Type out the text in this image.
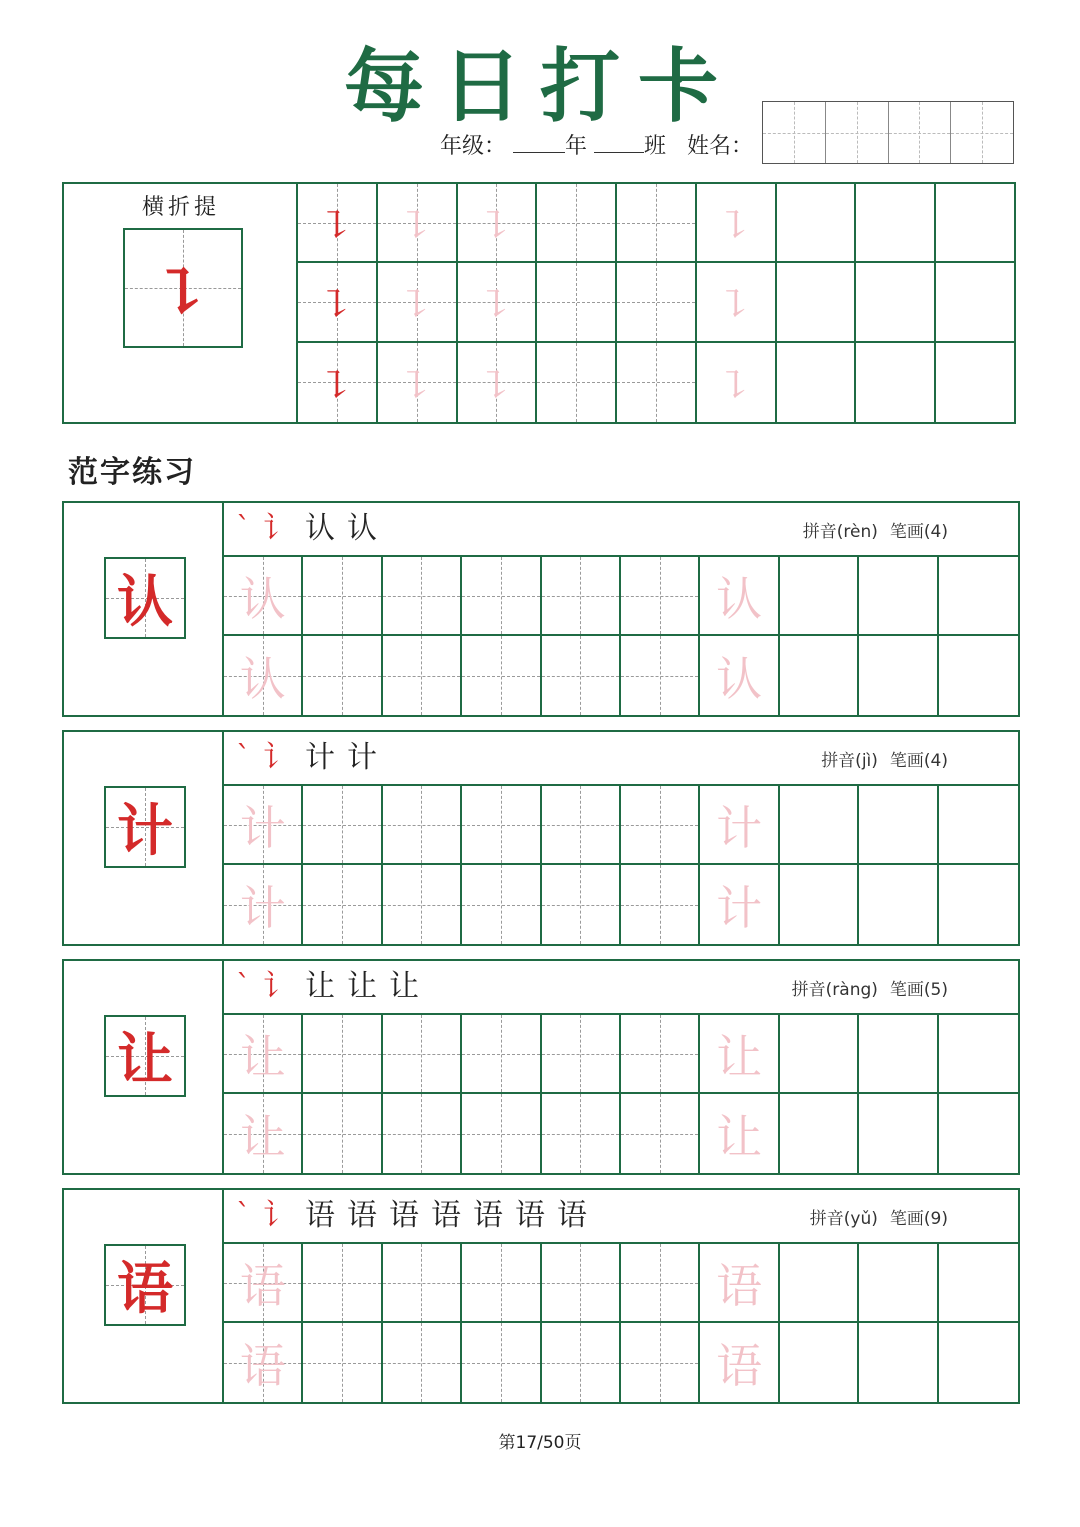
每日打卡
年级：	年	班 姓名：
横折提
㇊
㇊ ㇊ ㇊	㇊
㇊ ㇊ ㇊	㇊
㇊ ㇊ ㇊	㇊
范字练习
认
` 讠 认 认	拼音(rèn) 笔画(4)
认	认
认	认
计
` 讠 计 计	拼音(jì) 笔画(4)
计	计
计	计
让
` 讠 让 让 让	拼音(ràng) 笔画(5)
让	让
让	让
语
` 讠 语 语 语 语 语 语 语	拼音(yǔ) 笔画(9)
语	语
语	语
第17/50页
